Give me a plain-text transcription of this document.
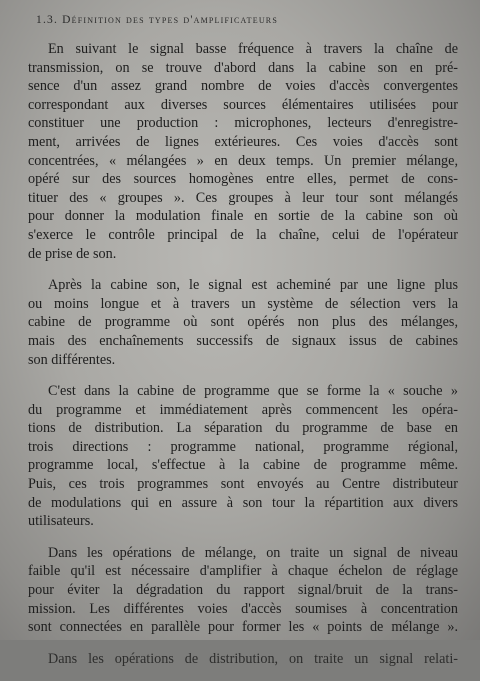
1.3. Définition des types d'amplificateurs
En suivant le signal basse fréquence à travers la chaîne de
transmission, on se trouve d'abord dans la cabine son en pré-
sence d'un assez grand nombre de voies d'accès convergentes
correspondant aux diverses sources élémentaires utilisées pour
constituer une production : microphones, lecteurs d'enregistre-
ment, arrivées de lignes extérieures. Ces voies d'accès sont
concentrées, « mélangées » en deux temps. Un premier mélange,
opéré sur des sources homogènes entre elles, permet de cons-
tituer des « groupes ». Ces groupes à leur tour sont mélangés
pour donner la modulation finale en sortie de la cabine son où
s'exerce le contrôle principal de la chaîne, celui de l'opérateur
de prise de son.
Après la cabine son, le signal est acheminé par une ligne plus
ou moins longue et à travers un système de sélection vers la
cabine de programme où sont opérés non plus des mélanges,
mais des enchaînements successifs de signaux issus de cabines
son différentes.
C'est dans la cabine de programme que se forme la « souche »
du programme et immédiatement après commencent les opéra-
tions de distribution. La séparation du programme de base en
trois directions : programme national, programme régional,
programme local, s'effectue à la cabine de programme même.
Puis, ces trois programmes sont envoyés au Centre distributeur
de modulations qui en assure à son tour la répartition aux divers
utilisateurs.
Dans les opérations de mélange, on traite un signal de niveau
faible qu'il est nécessaire d'amplifier à chaque échelon de réglage
pour éviter la dégradation du rapport signal/bruit de la trans-
mission. Les différentes voies d'accès soumises à concentration
sont connectées en parallèle pour former les « points de mélange ».
Dans les opérations de distribution, on traite un signal relati-
